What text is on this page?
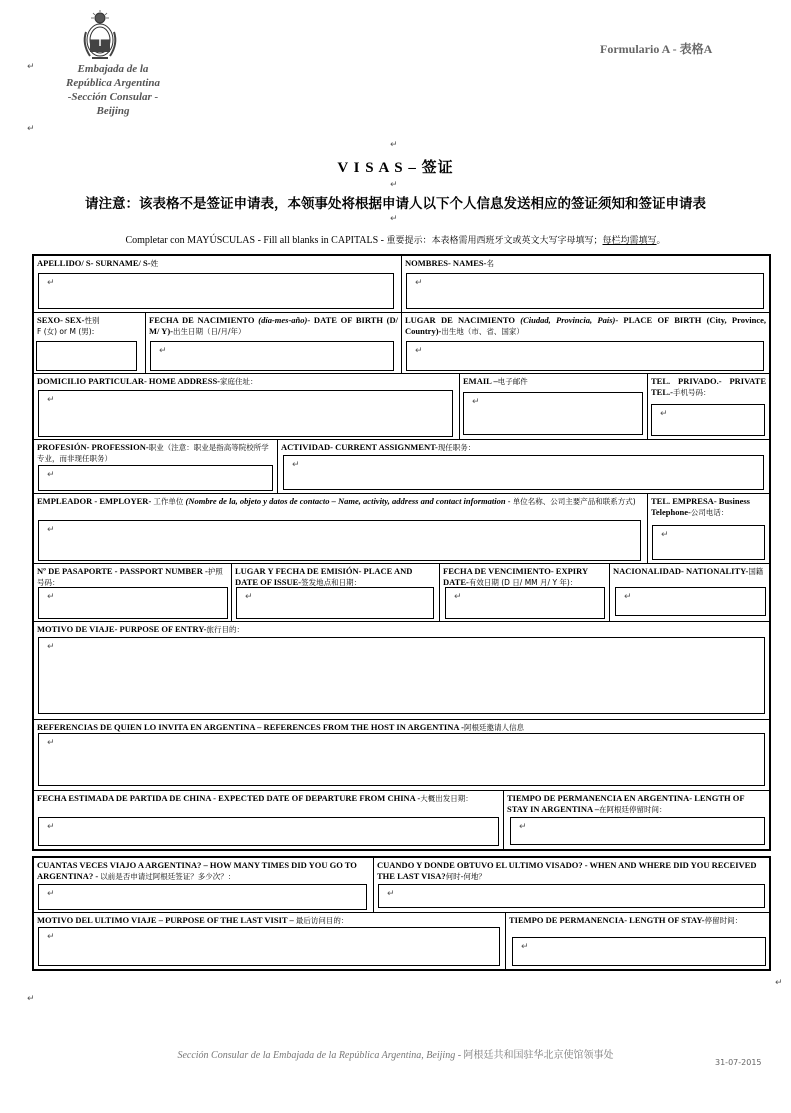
Embajada de la
República Argentina
-Sección Consular -
Beijing
↵
↵
Formulario A - 表格A
↵
V I S A S – 签证
↵
请注意：该表格不是签证申请表，本领事处将根据申请人以下个人信息发送相应的签证须知和签证申请表
↵
Completar con MAYÚSCULAS - Fill all blanks in CAPITALS - 重要提示：本表格需用西班牙文或英文大写字母填写；每栏均需填写。
APELLIDO/ S- SURNAME/ S-姓
↵
NOMBRES- NAMES-名
↵
SEXO- SEX-性别
F (女) or M (男):
FECHA DE NACIMIENTO (día-mes-año)- DATE OF BIRTH (D/ M/ Y)-出生日期（日/月/年）
↵
LUGAR DE NACIMIENTO (Ciudad, Provincia, País)- PLACE OF BIRTH (City, Province, Country)-出生地（市、省、国家）
↵
DOMICILIO PARTICULAR- HOME ADDRESS-家庭住址：
↵
EMAIL –电子邮件
↵
TEL. PRIVADO.- PRIVATE TEL.-手机号码：
↵
PROFESIÓN- PROFESSION-职业（注意：职业是指高等院校所学专业，而非现任职务）
↵
ACTIVIDAD- CURRENT ASSIGNMENT-现任职务：
↵
EMPLEADOR - EMPLOYER- 工作单位 (Nombre de la, objeto y datos de contacto – Name, activity, address and contact information - 单位名称、公司主要产品和联系方式)
↵
TEL. EMPRESA- Business Telephone-公司电话：
↵
Nº DE PASAPORTE - PASSPORT NUMBER -护照号码：
↵
LUGAR Y FECHA DE EMISIÓN- PLACE AND DATE OF ISSUE-签发地点和日期：
↵
FECHA DE VENCIMIENTO- EXPIRY DATE-有效日期 (D 日/ MM 月/ Y 年)：
↵
NACIONALIDAD- NATIONALITY-国籍
↵
MOTIVO DE VIAJE- PURPOSE OF ENTRY-旅行目的：
↵
REFERENCIAS DE QUIEN LO INVITA EN ARGENTINA – REFERENCES FROM THE HOST IN ARGENTINA -阿根廷邀请人信息
↵
FECHA ESTIMADA DE PARTIDA DE CHINA - EXPECTED DATE OF DEPARTURE FROM CHINA -大概出发日期：
↵
TIEMPO DE PERMANENCIA EN ARGENTINA- LENGTH OF STAY IN ARGENTINA –在阿根廷停留时间：
↵
CUANTAS VECES VIAJO A ARGENTINA? – HOW MANY TIMES DID YOU GO TO ARGENTINA? - 以前是否申请过阿根廷签证？多少次？：
↵
CUANDO Y DONDE OBTUVO EL ULTIMO VISADO? - WHEN AND WHERE DID YOU RECEIVED THE LAST VISA?何时-何地？
↵
MOTIVO DEL ULTIMO VIAJE – PURPOSE OF THE LAST VISIT – 最后访问目的：
↵
TIEMPO DE PERMANENCIA- LENGTH OF STAY-停留时间：
↵
↵
↵
Sección Consular de la Embajada de la República Argentina, Beijing - 阿根廷共和国驻华北京使馆领事处
31-07-2015
